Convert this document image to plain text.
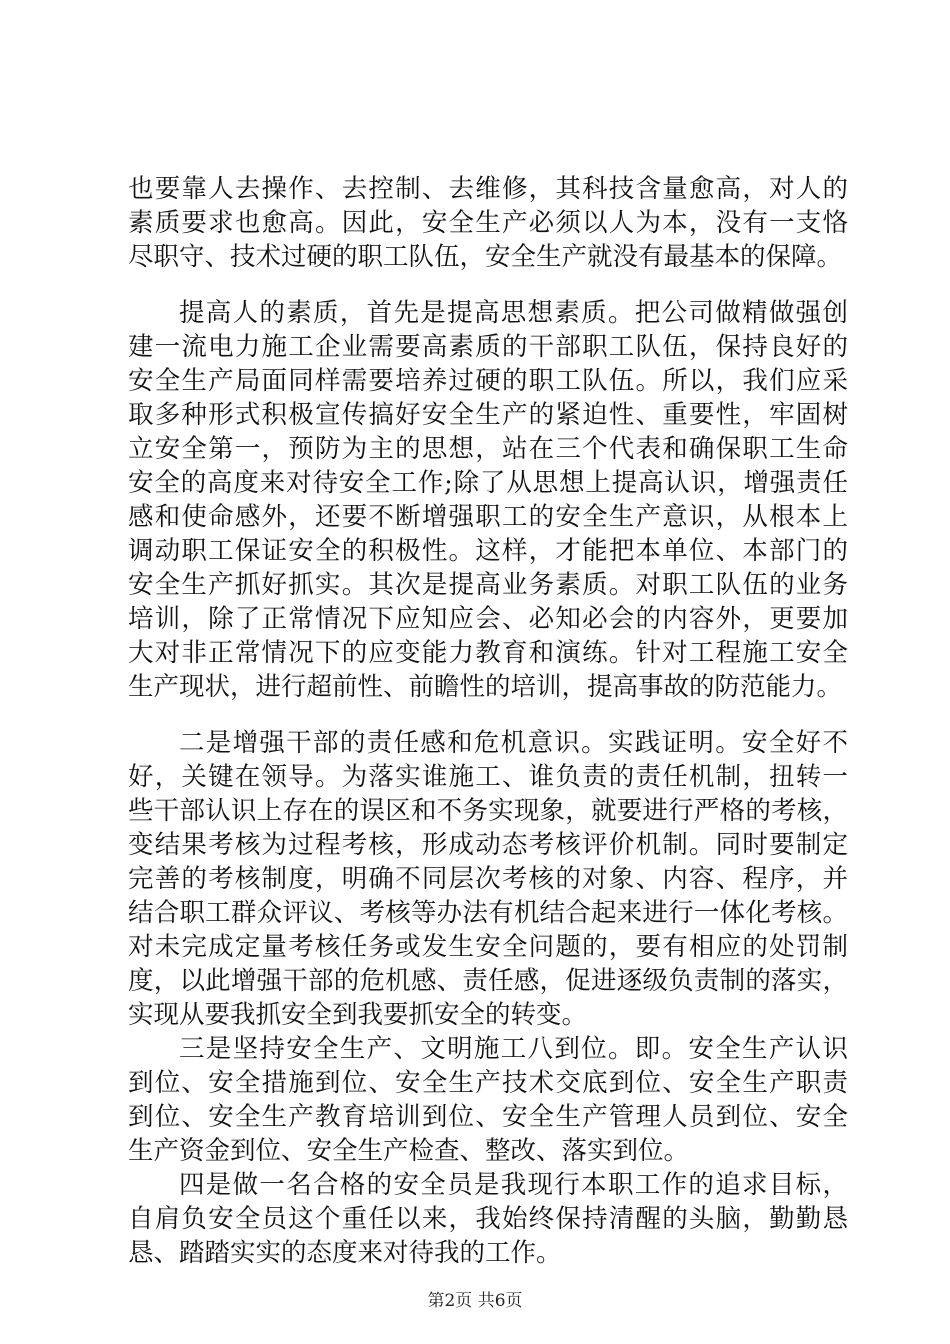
也要靠人去操作、去控制、去维修，其科技含量愈高，对人的
素质要求也愈高。因此，安全生产必须以人为本，没有一支恪
尽职守、技术过硬的职工队伍，安全生产就没有最基本的保障。
提高人的素质，首先是提高思想素质。把公司做精做强创
建一流电力施工企业需要高素质的干部职工队伍，保持良好的
安全生产局面同样需要培养过硬的职工队伍。所以，我们应采
取多种形式积极宣传搞好安全生产的紧迫性、重要性，牢固树
立安全第一，预防为主的思想，站在三个代表和确保职工生命
安全的高度来对待安全工作;除了从思想上提高认识，增强责任
感和使命感外，还要不断增强职工的安全生产意识，从根本上
调动职工保证安全的积极性。这样，才能把本单位、本部门的
安全生产抓好抓实。其次是提高业务素质。对职工队伍的业务
培训，除了正常情况下应知应会、必知必会的内容外，更要加
大对非正常情况下的应变能力教育和演练。针对工程施工安全
生产现状，进行超前性、前瞻性的培训，提高事故的防范能力。
二是增强干部的责任感和危机意识。实践证明。安全好不
好，关键在领导。为落实谁施工、谁负责的责任机制，扭转一
些干部认识上存在的误区和不务实现象，就要进行严格的考核，
变结果考核为过程考核，形成动态考核评价机制。同时要制定
完善的考核制度，明确不同层次考核的对象、内容、程序，并
结合职工群众评议、考核等办法有机结合起来进行一体化考核。
对未完成定量考核任务或发生安全问题的，要有相应的处罚制
度，以此增强干部的危机感、责任感，促进逐级负责制的落实，
实现从要我抓安全到我要抓安全的转变。
三是坚持安全生产、文明施工八到位。即。安全生产认识
到位、安全措施到位、安全生产技术交底到位、安全生产职责
到位、安全生产教育培训到位、安全生产管理人员到位、安全
生产资金到位、安全生产检查、整改、落实到位。
四是做一名合格的安全员是我现行本职工作的追求目标，
自肩负安全员这个重任以来，我始终保持清醒的头脑，勤勤恳
恳、踏踏实实的态度来对待我的工作。
第2页 共6页
